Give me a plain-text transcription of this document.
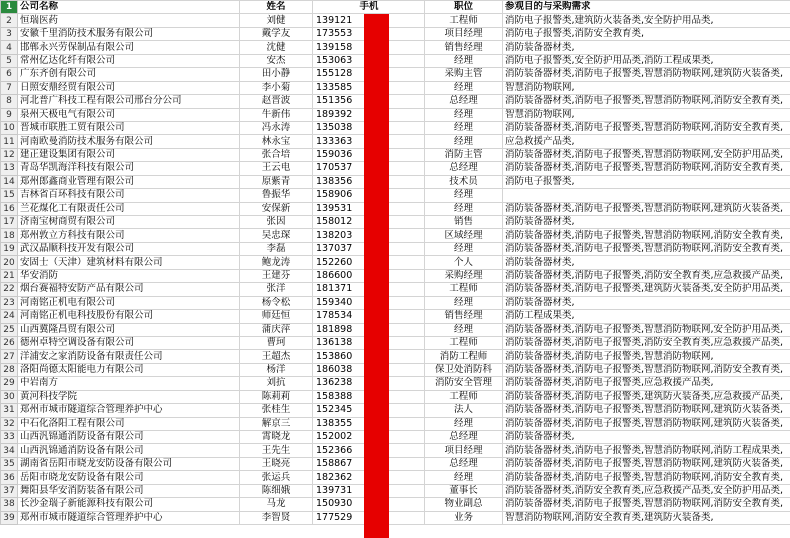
1	公司名称	姓名	手机	职位	参观目的与采购需求
2	恒瑞医药	刘健	139121	工程师	消防电子报警类,建筑防火装备类,安全防护用品类,
3	安徽千里消防技术服务有限公司	戴学友	173553	项目经理	消防电子报警类,消防安全教育类,
4	邯郸永兴劳保制品有限公司	沈健	139158	销售经理	消防装备器材类,
5	常州亿达化纤有限公司	安杰	153063	经理	消防电子报警类,安全防护用品类,消防工程成果类,
6	广东齐创有限公司	田小静	155128	采购主管	消防装备器材类,消防电子报警类,智慧消防物联网,建筑防火装备类,
7	日照安鼎经贸有限公司	李小菊	133585	经理	智慧消防物联网,
8	河北普广科技工程有限公司邢台分公司	赵晋波	151356	总经理	消防装备器材类,消防电子报警类,智慧消防物联网,消防安全教育类,
9	泉州天极电气有限公司	牛新伟	189392	经理	智慧消防物联网,
10	晋城市联胜工贸有限公司	冯永涛	135038	经理	消防装备器材类,消防电子报警类,智慧消防物联网,消防安全教育类,
11	河南欧曼消防技术服务有限公司	林永宝	133363	经理	应急救援产品类,
12	建正建设集团有限公司	张合培	159036	消防主管	消防装备器材类,消防电子报警类,智慧消防物联网,安全防护用品类,
13	青岛华凯海洋科技有限公司	王云电	170537	总经理	消防装备器材类,消防电子报警类,智慧消防物联网,消防安全教育类,
14	郑州郎鑫商业管理有限公司	原紫青	138356	技术员	消防电子报警类,
15	吉林省百环科技有限公司	鲁振华	158906	经理	
16	兰花煤化工有限责任公司	安保新	139531	经理	消防装备器材类,消防电子报警类,智慧消防物联网,建筑防火装备类,
17	济南宝树商贸有限公司	张因	158012	销售	消防装备器材类,
18	郑州敦立方科技有限公司	吴忠琛	138203	区域经理	消防装备器材类,消防电子报警类,智慧消防物联网,消防安全教育类,
19	武汉晶顺科技开发有限公司	李磊	137037	经理	消防装备器材类,消防电子报警类,智慧消防物联网,消防安全教育类,
20	安固士（天津）建筑材料有限公司	鲍龙涛	152260	个人	消防装备器材类,
21	华安消防	王建芬	186600	采购经理	消防装备器材类,消防电子报警类,消防安全教育类,应急救援产品类,
22	烟台赛福特安防产品有限公司	张洋	181371	工程师	消防装备器材类,消防电子报警类,建筑防火装备类,安全防护用品类,
23	河南铭正机电有限公司	杨令松	159340	经理	消防装备器材类,
24	河南铭正机电科技股份有限公司	师廷恒	178534	销售经理	消防工程成果类,
25	山西冀隆昌贸有限公司	蒲庆萍	181898	经理	消防装备器材类,消防电子报警类,智慧消防物联网,安全防护用品类,
26	德州卓特空调设备有限公司	曹珂	136138	工程师	消防装备器材类,消防电子报警类,消防安全教育类,应急救援产品类,
27	洋浦安之家消防设备有限责任公司	王超杰	153860	消防工程师	消防装备器材类,消防电子报警类,智慧消防物联网,
28	洛阳尚德太阳能电力有限公司	杨洋	186038	保卫处消防科	消防装备器材类,消防电子报警类,智慧消防物联网,消防安全教育类,
29	中岩南方	刘抗	136238	消防安全管理	消防装备器材类,消防电子报警类,应急救援产品类,
30	黄河科技学院	陈莉莉	158388	工程师	消防装备器材类,消防电子报警类,建筑防火装备类,应急救援产品类,
31	郑州市城市隧道综合管理养护中心	张桂生	152345	法人	消防装备器材类,消防电子报警类,智慧消防物联网,建筑防火装备类,
32	中石化洛阳工程有限公司	解京三	138355	经理	消防装备器材类,消防电子报警类,智慧消防物联网,建筑防火装备类,
33	山西汎锦通消防设备有限公司	霄晓龙	152002	总经理	消防装备器材类,
34	山西汎锦通消防设备有限公司	王先生	152366	项目经理	消防装备器材类,消防电子报警类,智慧消防物联网,消防工程成果类,
35	湖南省岳阳市晓龙安防设备有限公司	王晓亮	158867	总经理	消防装备器材类,消防电子报警类,智慧消防物联网,建筑防火装备类,
36	岳阳市晓龙安防设备有限公司	张运兵	182362	经理	消防装备器材类,消防电子报警类,智慧消防物联网,消防安全教育类,
37	舞阳县华安消防装备有限公司	陈细娥	139731	董事长	消防装备器材类,消防安全教育类,应急救援产品类,安全防护用品类,
38	长沙金瑞子新能源科技有限公司	马龙	150930	物业副总	消防装备器材类,消防电子报警类,智慧消防物联网,消防安全教育类,
39	郑州市城市隧道综合管理养护中心	李智贤	177529	业务	智慧消防物联网,消防安全教育类,建筑防火装备类,
